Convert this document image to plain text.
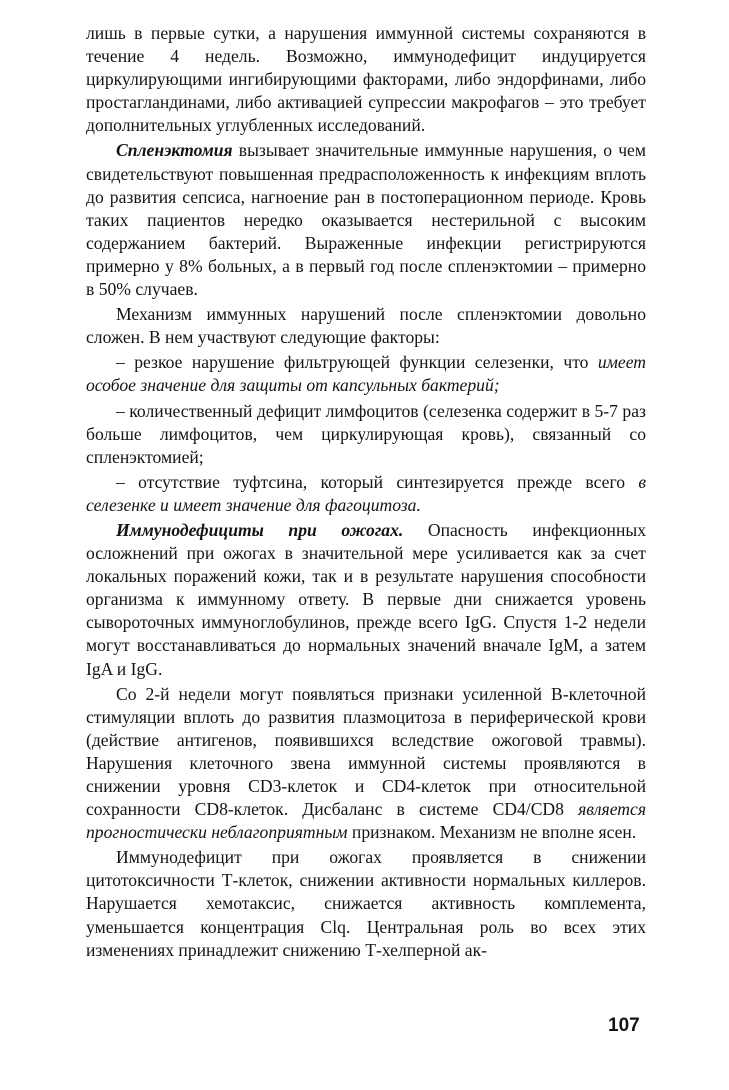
лишь в первые сутки, а нарушения иммунной системы сохраняются в течение 4 недель. Возможно, иммунодефицит индуцируется циркулирующими ингибирующими факторами, либо эндорфинами, либо простагландинами, либо активацией супрессии макрофагов – это требует дополнительных углубленных исследований.

Спленэктомия вызывает значительные иммунные нарушения, о чем свидетельствуют повышенная предрасположенность к инфекциям вплоть до развития сепсиса, нагноение ран в постоперационном периоде. Кровь таких пациентов нередко оказывается нестерильной с высоким содержанием бактерий. Выраженные инфекции регистрируются примерно у 8% больных, а в первый год после спленэктомии – примерно в 50% случаев.

Механизм иммунных нарушений после спленэктомии довольно сложен. В нем участвуют следующие факторы:

– резкое нарушение фильтрующей функции селезенки, что имеет особое значение для защиты от капсульных бактерий;

– количественный дефицит лимфоцитов (селезенка содержит в 5-7 раз больше лимфоцитов, чем циркулирующая кровь), связанный со спленэктомией;

– отсутствие туфтсина, который синтезируется прежде всего в селезенке и имеет значение для фагоцитоза.

Иммунодефициты при ожогах. Опасность инфекционных осложнений при ожогах в значительной мере усиливается как за счет локальных поражений кожи, так и в результате нарушения способности организма к иммунному ответу. В первые дни снижается уровень сывороточных иммуноглобулинов, прежде всего IgG. Спустя 1-2 недели могут восстанавливаться до нормальных значений вначале IgM, а затем IgA и IgG.

Со 2-й недели могут появляться признаки усиленной В-клеточной стимуляции вплоть до развития плазмоцитоза в периферической крови (действие антигенов, появившихся вследствие ожоговой травмы). Нарушения клеточного звена иммунной системы проявляются в снижении уровня CD3-клеток и CD4-клеток при относительной сохранности CD8-клеток. Дисбаланс в системе CD4/CD8 является прогностически неблагоприятным признаком. Механизм не вполне ясен.

Иммунодефицит при ожогах проявляется в снижении цитотоксичности Т-клеток, снижении активности нормальных киллеров. Нарушается хемотаксис, снижается активность комплемента, уменьшается концентрация Clq. Центральная роль во всех этих изменениях принадлежит снижению Т-хелперной ак-

107
